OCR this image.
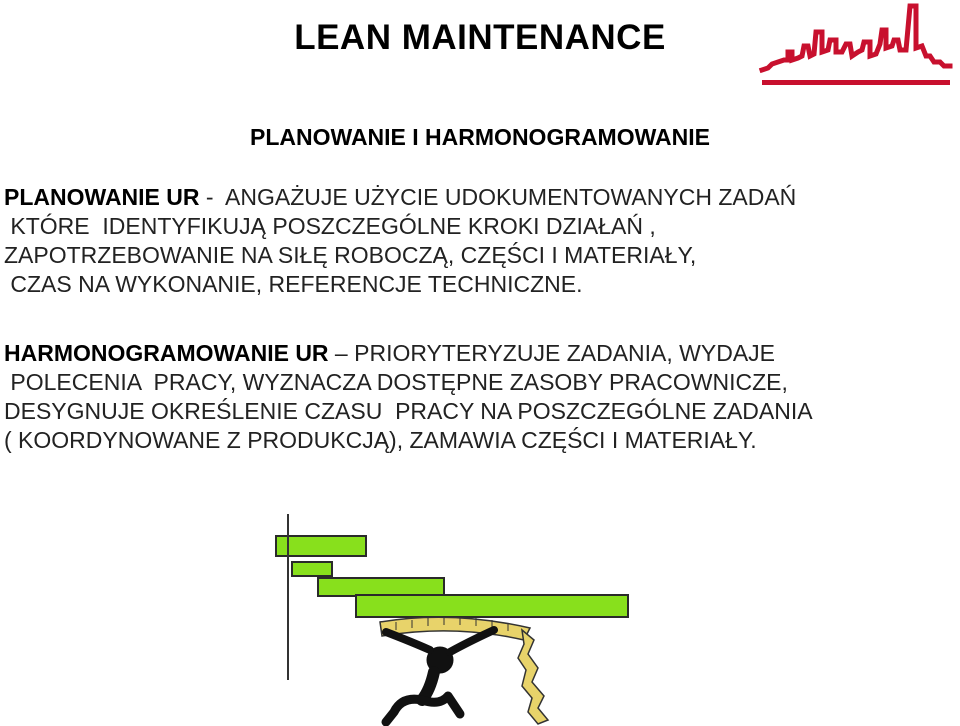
LEAN MAINTENANCE
PLANOWANIE I HARMONOGRAMOWANIE
PLANOWANIE UR -  ANGAŻUJE UŻYCIE UDOKUMENTOWANYCH ZADAŃ
KTÓRE  IDENTYFIKUJĄ POSZCZEGÓLNE KROKI DZIAŁAŃ ,
ZAPOTRZEBOWANIE NA SIŁĘ ROBOCZĄ, CZĘŚCI I MATERIAŁY,
CZAS NA WYKONANIE, REFERENCJE TECHNICZNE.
HARMONOGRAMOWANIE UR – PRIORYTERYZUJE ZADANIA, WYDAJE
POLECENIA  PRACY, WYZNACZA DOSTĘPNE ZASOBY PRACOWNICZE,
DESYGNUJE OKREŚLENIE CZASU  PRACY NA POSZCZEGÓLNE ZADANIA
( KOORDYNOWANE Z PRODUKCJĄ), ZAMAWIA CZĘŚCI I MATERIAŁY.
